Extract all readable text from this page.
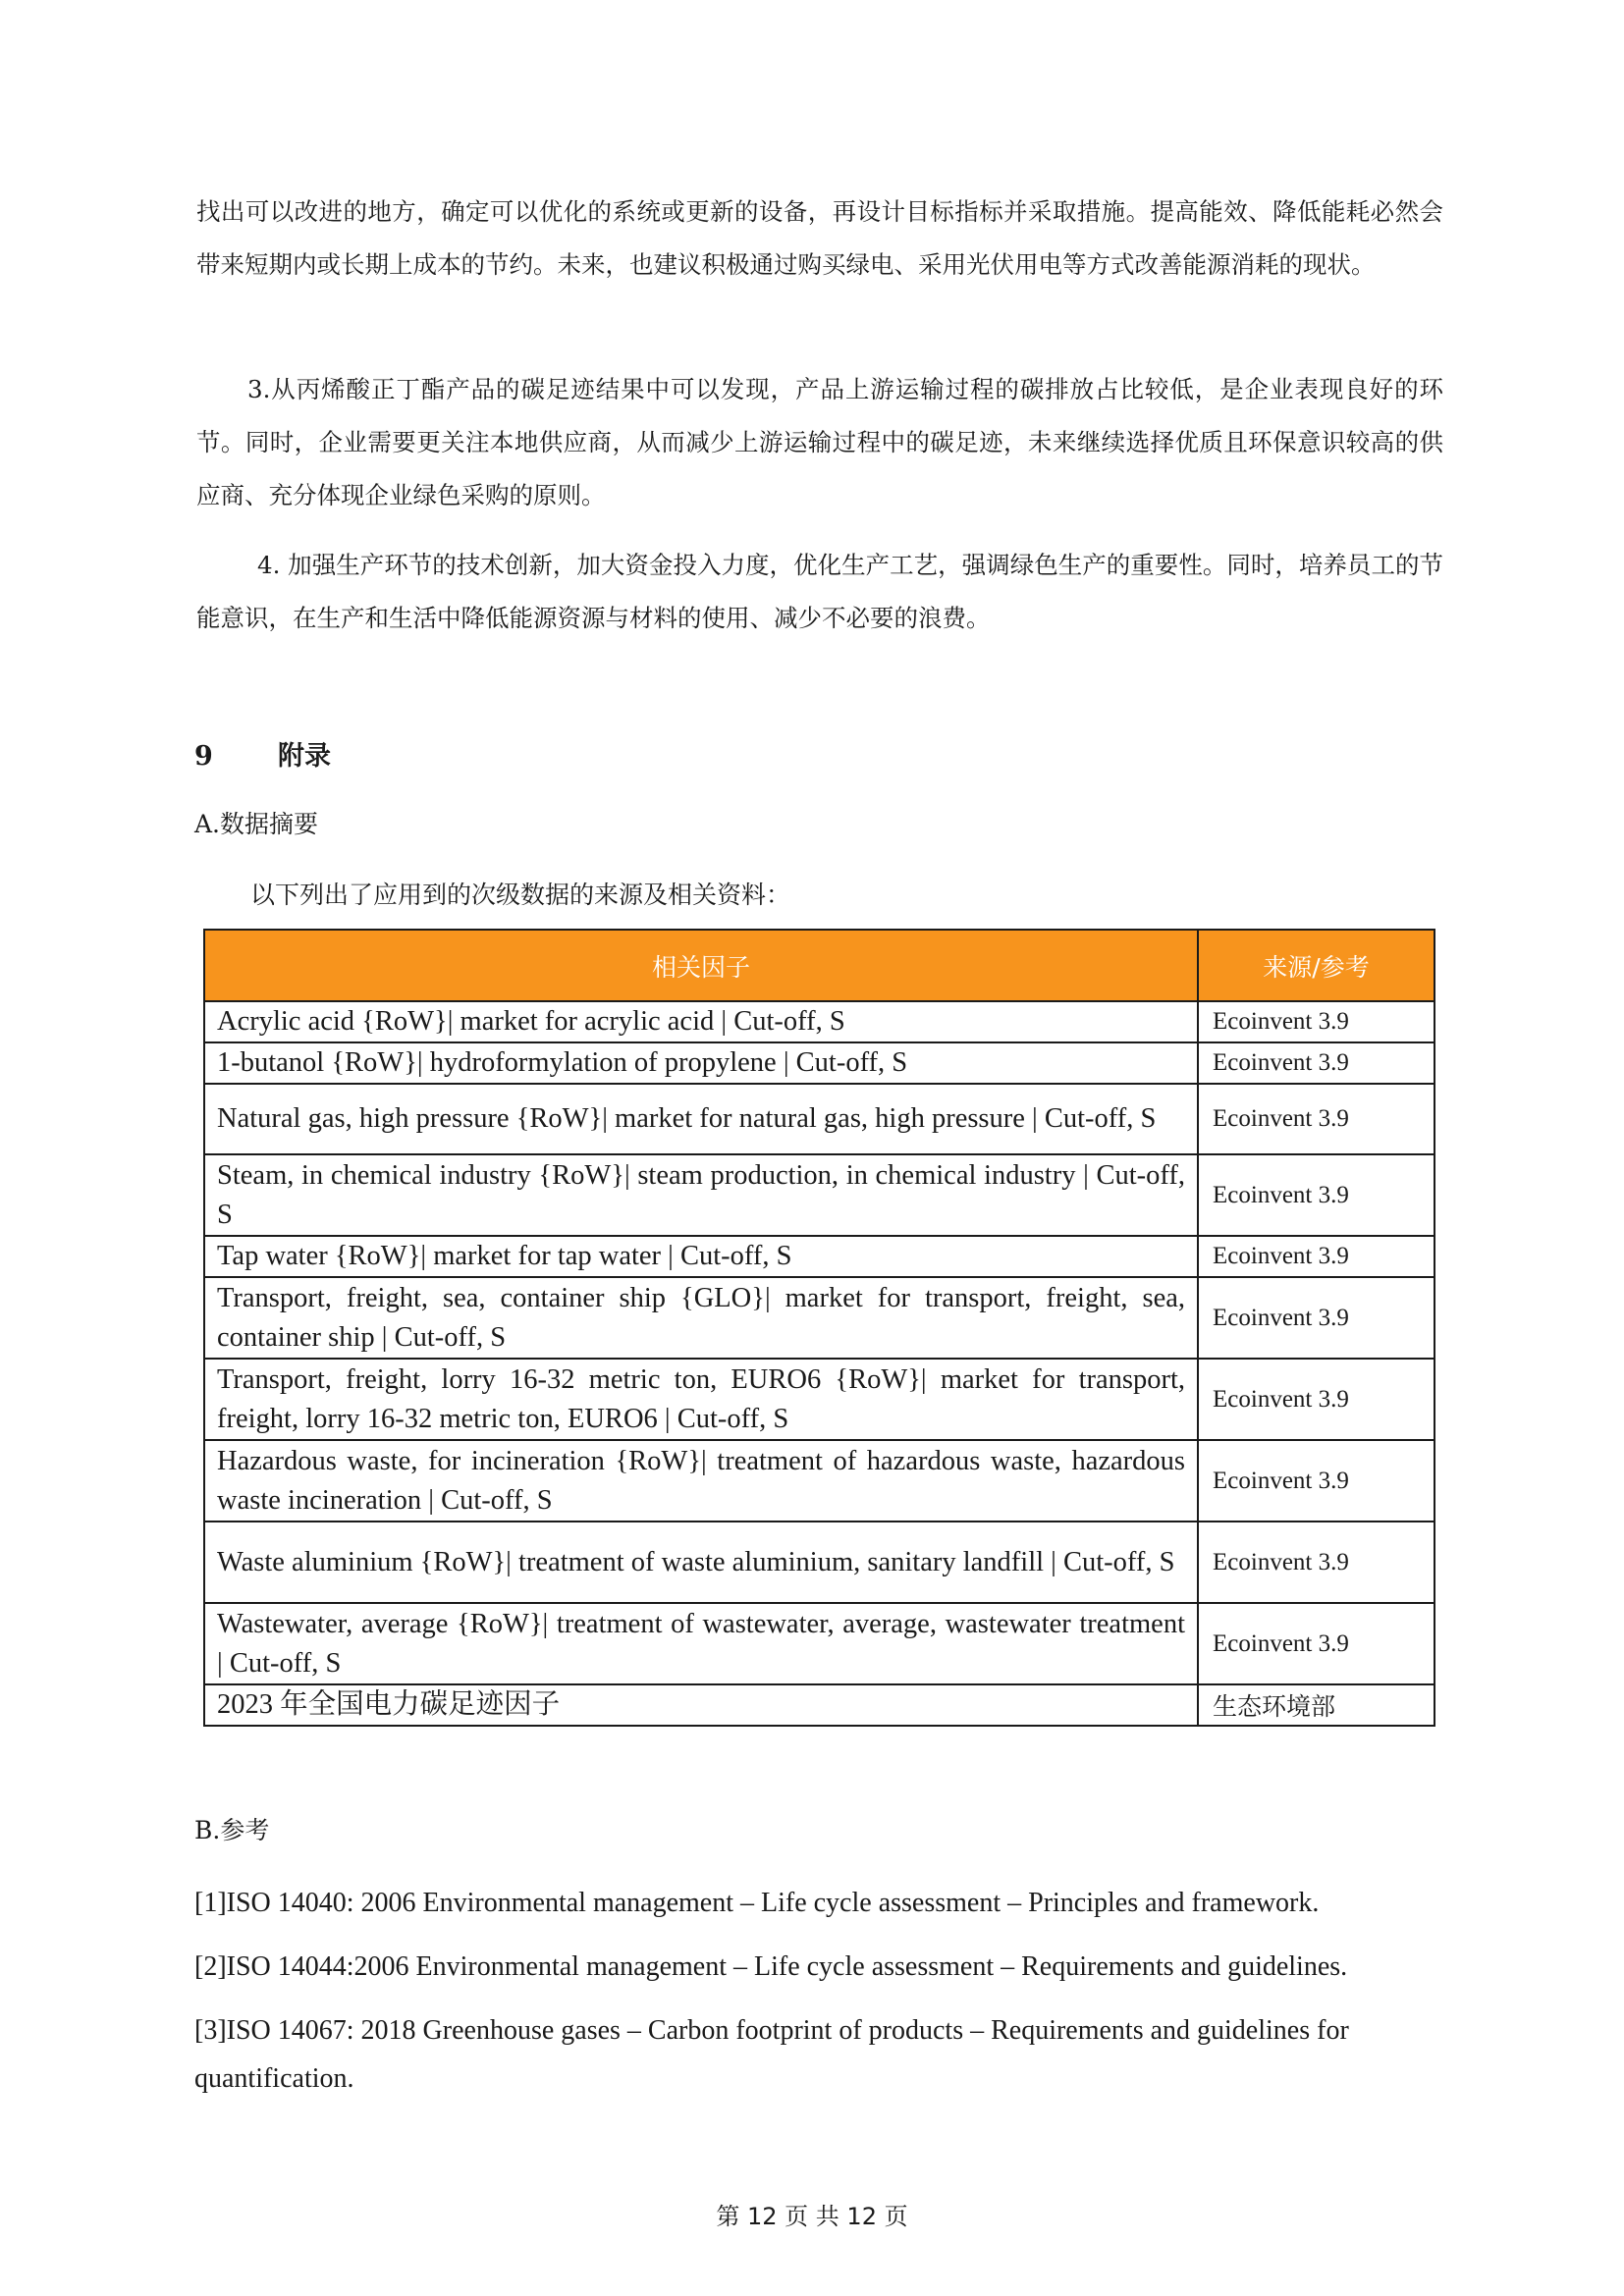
找出可以改进的地方，确定可以优化的系统或更新的设备，再设计目标指标并采取措施。提高能效、降低能耗必然会带来短期内或长期上成本的节约。未来，也建议积极通过购买绿电、采用光伏用电等方式改善能源消耗的现状。

3.从丙烯酸正丁酯产品的碳足迹结果中可以发现，产品上游运输过程的碳排放占比较低，是企业表现良好的环节。同时，企业需要更关注本地供应商，从而减少上游运输过程中的碳足迹，未来继续选择优质且环保意识较高的供应商、充分体现企业绿色采购的原则。

4. 加强生产环节的技术创新，加大资金投入力度，优化生产工艺，强调绿色生产的重要性。同时，培养员工的节能意识，在生产和生活中降低能源资源与材料的使用、减少不必要的浪费。

9 附录
A.数据摘要
以下列出了应用到的次级数据的来源及相关资料：
相关因子	来源/参考
Acrylic acid {RoW}| market for acrylic acid | Cut-off, S	Ecoinvent 3.9
1-butanol {RoW}| hydroformylation of propylene | Cut-off, S	Ecoinvent 3.9
Natural gas, high pressure {RoW}| market for natural gas, high pressure | Cut-off, S	Ecoinvent 3.9
Steam, in chemical industry {RoW}| steam production, in chemical industry | Cut-off, S	Ecoinvent 3.9
Tap water {RoW}| market for tap water | Cut-off, S	Ecoinvent 3.9
Transport, freight, sea, container ship {GLO}| market for transport, freight, sea, container ship | Cut-off, S	Ecoinvent 3.9
Transport, freight, lorry 16-32 metric ton, EURO6 {RoW}| market for transport, freight, lorry 16-32 metric ton, EURO6 | Cut-off, S	Ecoinvent 3.9
Hazardous waste, for incineration {RoW}| treatment of hazardous waste, hazardous waste incineration | Cut-off, S	Ecoinvent 3.9
Waste aluminium {RoW}| treatment of waste aluminium, sanitary landfill | Cut-off, S	Ecoinvent 3.9
Wastewater, average {RoW}| treatment of wastewater, average, wastewater treatment | Cut-off, S	Ecoinvent 3.9
2023 年全国电力碳足迹因子	生态环境部
B.参考

[1]ISO 14040: 2006 Environmental management – Life cycle assessment – Principles and framework.

[2]ISO 14044:2006 Environmental management – Life cycle assessment – Requirements and guidelines.

[3]ISO 14067: 2018 Greenhouse gases – Carbon footprint of products – Requirements and guidelines for quantification.

第 12 页 共 12 页
